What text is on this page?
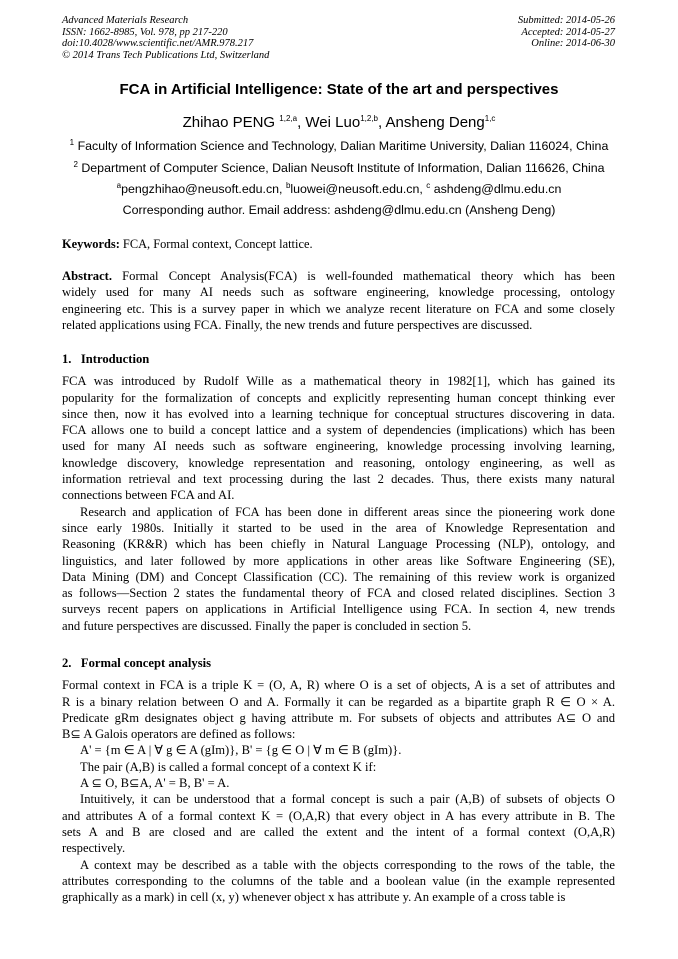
Advanced Materials Research
ISSN: 1662-8985, Vol. 978, pp 217-220
doi:10.4028/www.scientific.net/AMR.978.217
© 2014 Trans Tech Publications Ltd, Switzerland
Submitted: 2014-05-26
Accepted: 2014-05-27
Online: 2014-06-30
FCA in Artificial Intelligence: State of the art and perspectives
Zhihao PENG $^{1,2,a}$, Wei Luo$^{1,2,b}$, Ansheng Deng$^{1,c}$
$^1$ Faculty of Information Science and Technology, Dalian Maritime University, Dalian 116024, China
$^2$ Department of Computer Science, Dalian Neusoft Institute of Information, Dalian 116626, China
$^a$pengzhihao@neusoft.edu.cn, $^b$luowei@neusoft.edu.cn, $^c$ ashdeng@dlmu.edu.cn
Corresponding author. Email address: ashdeng@dlmu.edu.cn (Ansheng Deng)
Keywords: FCA, Formal context, Concept lattice.
Abstract. Formal Concept Analysis(FCA) is well-founded mathematical theory which has been
widely used for many AI needs such as software engineering, knowledge processing, ontology
engineering etc. This is a survey paper in which we analyze recent literature on FCA and some closely
related applications using FCA. Finally, the new trends and future perspectives are discussed.
1.   Introduction
FCA was introduced by Rudolf Wille as a mathematical theory in 1982[1], which has gained its
popularity for the formalization of concepts and explicitly representing human concept thinking ever
since then, now it has evolved into a learning technique for conceptual structures discovering in data.
FCA allows one to build a concept lattice and a system of dependencies (implications) which has been
used for many AI needs such as software engineering, knowledge processing involving learning,
knowledge discovery, knowledge representation and reasoning, ontology engineering, as well as
information retrieval and text processing during the last 2 decades. Thus, there exists many natural
connections between FCA and AI.
Research and application of FCA has been done in different areas since the pioneering work done
since early 1980s. Initially it started to be used in the area of Knowledge Representation and
Reasoning (KR&R) which has been chiefly in Natural Language Processing (NLP), ontology, and
linguistics, and later followed by more applications in other areas like Software Engineering (SE),
Data Mining (DM) and Concept Classification (CC). The remaining of this review work is organized
as follows—Section 2 states the fundamental theory of FCA and closed related disciplines. Section 3
surveys recent papers on applications in Artificial Intelligence using FCA. In section 4, new trends
and future perspectives are discussed. Finally the paper is concluded in section 5.
2.   Formal concept analysis
Formal context in FCA is a triple K = (O, A, R) where O is a set of objects, A is a set of attributes and
R is a binary relation between O and A. Formally it can be regarded as a bipartite graph R ∈ O × A.
Predicate gRm designates object g having attribute m. For subsets of objects and attributes A⊆ O and
B⊆ A Galois operators are defined as follows:
A' = {m ∈ A | ∀ g ∈ A (gIm)}, B' = {g ∈ O | ∀ m ∈ B (gIm)}.
The pair (A,B) is called a formal concept of a context K if:
A ⊆ O, B⊆A, A' = B, B' = A.
Intuitively, it can be understood that a formal concept is such a pair (A,B) of subsets of objects O
and attributes A of a formal context K = (O,A,R) that every object in A has every attribute in B. The
sets A and B are closed and are called the extent and the intent of a formal context (O,A,R)
respectively.
A context may be described as a table with the objects corresponding to the rows of the table, the
attributes corresponding to the columns of the table and a boolean value (in the example represented
graphically as a mark) in cell (x, y) whenever object x has attribute y. An example of a cross table is
